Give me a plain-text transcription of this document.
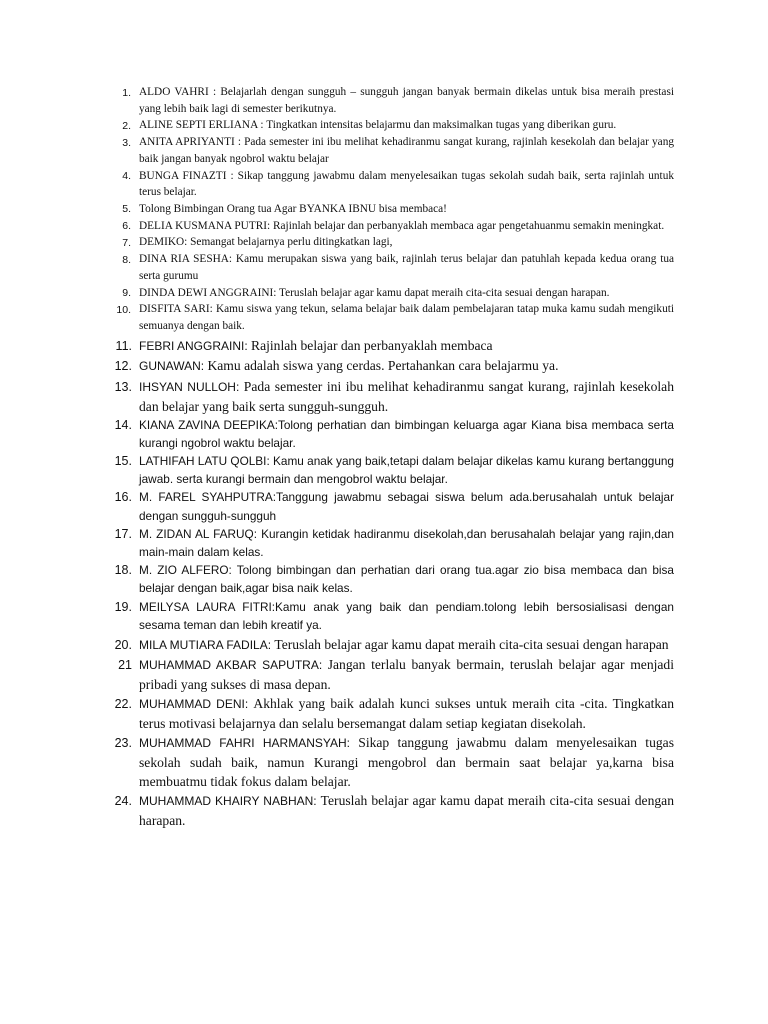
1. ALDO VAHRI : Belajarlah dengan sungguh – sungguh jangan banyak bermain dikelas untuk bisa meraih prestasi yang lebih baik lagi di semester berikutnya.
2. ALINE SEPTI ERLIANA : Tingkatkan intensitas belajarmu dan maksimalkan tugas yang diberikan guru.
3. ANITA APRIYANTI : Pada semester ini ibu melihat kehadiranmu sangat kurang, rajinlah kesekolah dan belajar yang baik jangan banyak ngobrol waktu belajar
4. BUNGA FINAZTI : Sikap tanggung jawabmu dalam menyelesaikan tugas sekolah sudah baik, serta rajinlah untuk terus belajar.
5. Tolong Bimbingan Orang tua Agar BYANKA IBNU bisa membaca!
6. DELIA KUSMANA PUTRI: Rajinlah belajar dan perbanyaklah membaca agar pengetahuanmu semakin meningkat.
7. DEMIKO: Semangat belajarnya perlu ditingkatkan lagi,
8. DINA RIA SESHA: Kamu merupakan siswa yang baik, rajinlah terus belajar dan patuhlah kepada kedua orang tua serta gurumu
9. DINDA DEWI ANGGRAINI: Teruslah belajar agar kamu dapat meraih cita-cita sesuai dengan harapan.
10. DISFITA SARI: Kamu siswa yang tekun, selama belajar baik dalam pembelajaran tatap muka kamu sudah mengikuti semuanya dengan baik.
11. FEBRI ANGGRAINI: Rajinlah belajar dan perbanyaklah membaca
12. GUNAWAN: Kamu adalah siswa yang cerdas. Pertahankan cara belajarmu ya.
13. IHSYAN NULLOH: Pada semester ini ibu melihat kehadiranmu sangat kurang, rajinlah kesekolah dan belajar yang baik serta sungguh-sungguh.
14. KIANA ZAVINA DEEPIKA:Tolong perhatian dan bimbingan keluarga agar Kiana bisa membaca serta kurangi ngobrol waktu belajar.
15. LATHIFAH LATU QOLBI: Kamu anak yang baik,tetapi dalam belajar dikelas kamu kurang bertanggung jawab. serta kurangi bermain dan mengobrol waktu belajar.
16. M. FAREL SYAHPUTRA:Tanggung jawabmu sebagai siswa belum ada.berusahalah untuk belajar dengan sungguh-sungguh
17. M. ZIDAN AL FARUQ: Kurangin ketidak hadiranmu disekolah,dan berusahalah belajar yang rajin,dan main-main dalam kelas.
18. M. ZIO ALFERO: Tolong bimbingan dan perhatian dari orang tua.agar zio bisa membaca dan bisa belajar dengan baik,agar bisa naik kelas.
19. MEILYSA LAURA FITRI:Kamu anak yang baik dan pendiam.tolong lebih bersosialisasi dengan sesama teman dan lebih kreatif ya.
20. MILA MUTIARA FADILA: Teruslah belajar agar kamu dapat meraih cita-cita sesuai dengan harapan
21 MUHAMMAD AKBAR SAPUTRA: Jangan terlalu banyak bermain, teruslah belajar agar menjadi pribadi yang sukses di masa depan.
22. MUHAMMAD DENI: Akhlak yang baik adalah kunci sukses untuk meraih cita -cita. Tingkatkan terus motivasi belajarnya dan selalu bersemangat dalam setiap kegiatan disekolah.
23. MUHAMMAD FAHRI HARMANSYAH: Sikap tanggung jawabmu dalam menyelesaikan tugas sekolah sudah baik, namun Kurangi mengobrol dan bermain saat belajar ya,karna bisa membuatmu tidak fokus dalam belajar.
24. MUHAMMAD KHAIRY NABHAN: Teruslah belajar agar kamu dapat meraih cita-cita sesuai dengan harapan.
